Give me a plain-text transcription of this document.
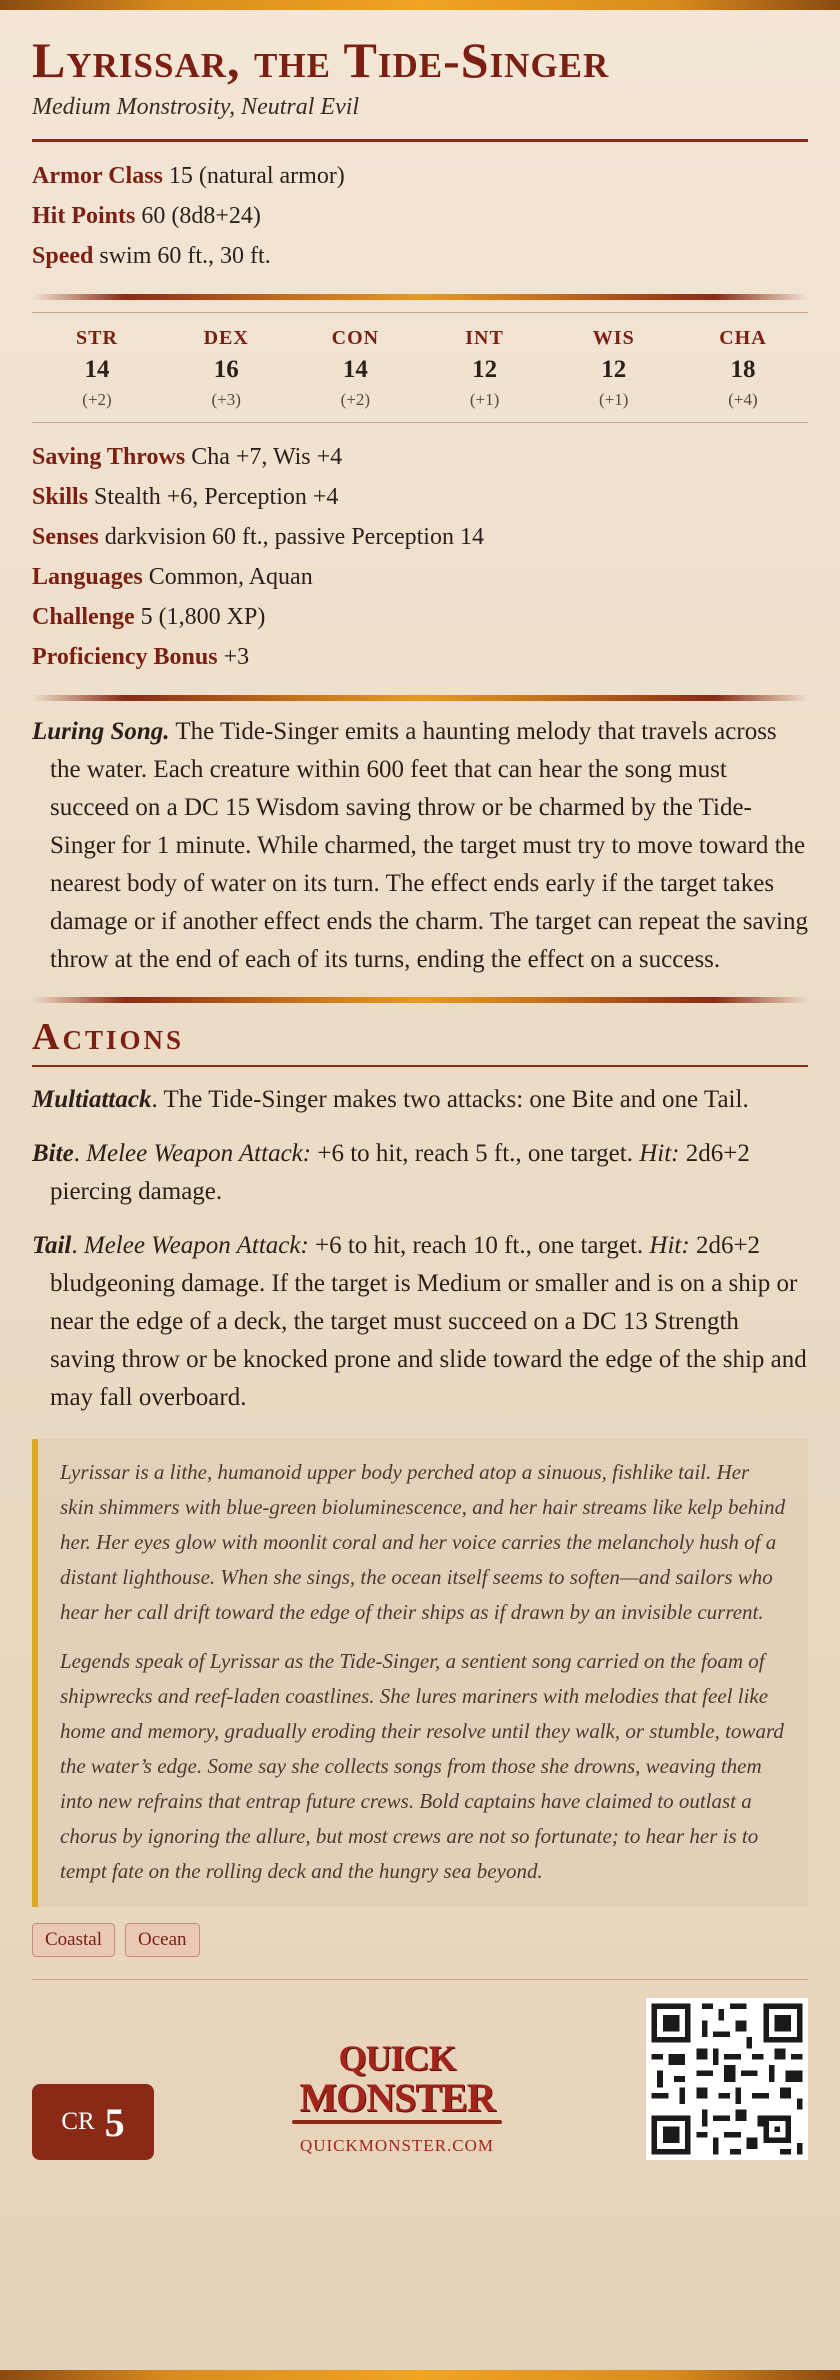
Lyrissar, the Tide-Singer
Medium Monstrosity, Neutral Evil
Armor Class 15 (natural armor)
Hit Points 60 (8d8+24)
Speed swim 60 ft., 30 ft.
STR
14
(+2)
DEX
16
(+3)
CON
14
(+2)
INT
12
(+1)
WIS
12
(+1)
CHA
18
(+4)
Saving Throws Cha +7, Wis +4
Skills Stealth +6, Perception +4
Senses darkvision 60 ft., passive Perception 14
Languages Common, Aquan
Challenge 5 (1,800 XP)
Proficiency Bonus +3

Luring Song. The Tide-Singer emits a haunting melody that travels across the water. Each creature within 600 feet that can hear the song must succeed on a DC 15 Wisdom saving throw or be charmed by the Tide-Singer for 1 minute. While charmed, the target must try to move toward the nearest body of water on its turn. The effect ends early if the target takes damage or if another effect ends the charm. The target can repeat the saving throw at the end of each of its turns, ending the effect on a success.

Actions

Multiattack. The Tide-Singer makes two attacks: one Bite and one Tail.

Bite. Melee Weapon Attack: +6 to hit, reach 5 ft., one target. Hit: 2d6+2 piercing damage.

Tail. Melee Weapon Attack: +6 to hit, reach 10 ft., one target. Hit: 2d6+2 bludgeoning damage. If the target is Medium or smaller and is on a ship or near the edge of a deck, the target must succeed on a DC 13 Strength saving throw or be knocked prone and slide toward the edge of the ship and may fall overboard.

Lyrissar is a lithe, humanoid upper body perched atop a sinuous, fishlike tail. Her skin shimmers with blue-green bioluminescence, and her hair streams like kelp behind her. Her eyes glow with moonlit coral and her voice carries the melancholy hush of a distant lighthouse. When she sings, the ocean itself seems to soften—and sailors who hear her call drift toward the edge of their ships as if drawn by an invisible current.

Legends speak of Lyrissar as the Tide-Singer, a sentient song carried on the foam of shipwrecks and reef-laden coastlines. She lures mariners with melodies that feel like home and memory, gradually eroding their resolve until they walk, or stumble, toward the water’s edge. Some say she collects songs from those she drowns, weaving them into new refrains that entrap future crews. Bold captains have claimed to outlast a chorus by ignoring the allure, but most crews are not so fortunate; to hear her is to tempt fate on the rolling deck and the hungry sea beyond.

Coastal	Ocean
CR 5
QUICK
MONSTER
QUICKMONSTER.COM
